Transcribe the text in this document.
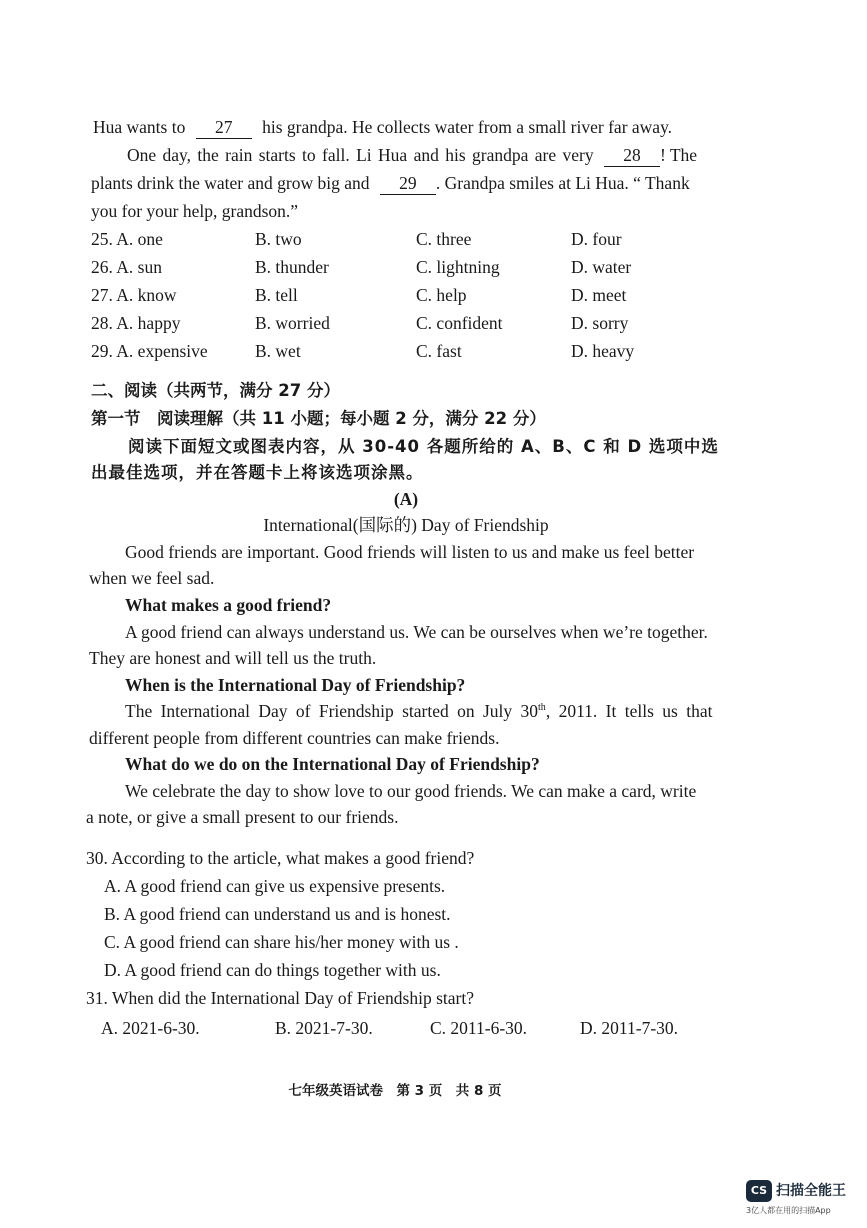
Hua wants to 27 his grandpa. He collects water from a small river far away.
One day, the rain starts to fall. Li Hua and his grandpa are very 28 ! The
plants drink the water and grow big and 29 . Grandpa smiles at Li Hua. “ Thank
you for your help, grandson.”
25. A. one	B. two	C. three	D. four
26. A. sun	B. thunder	C. lightning	D. water
27. A. know	B. tell	C. help	D. meet
28. A. happy	B. worried	C. confident	D. sorry
29. A. expensive	B. wet	C. fast	D. heavy
二、阅读（共两节，满分 27 分）
第一节　阅读理解（共 11 小题；每小题 2 分，满分 22 分）
阅读下面短文或图表内容，从 30-40 各题所给的 A、B、C 和 D 选项中选
出最佳选项，并在答题卡上将该选项涂黑。
(A)
International(国际的) Day of Friendship
Good friends are important. Good friends will listen to us and make us feel better
when we feel sad.
What makes a good friend?
A good friend can always understand us. We can be ourselves when we’re together.
They are honest and will tell us the truth.
When is the International Day of Friendship?
The International Day of Friendship started on July 30th, 2011. It tells us that
different people from different countries can make friends.
What do we do on the International Day of Friendship?
We celebrate the day to show love to our good friends. We can make a card, write
a note, or give a small present to our friends.
30. According to the article, what makes a good friend?
A. A good friend can give us expensive presents.
B. A good friend can understand us and is honest.
C. A good friend can share his/her money with us .
D. A good friend can do things together with us.
31. When did the International Day of Friendship start?
A. 2021-6-30.	B. 2021-7-30.	C. 2011-6-30.	D. 2011-7-30.
七年级英语试卷　第 3 页　共 8 页
CS 扫描全能王
3亿人都在用的扫描App
